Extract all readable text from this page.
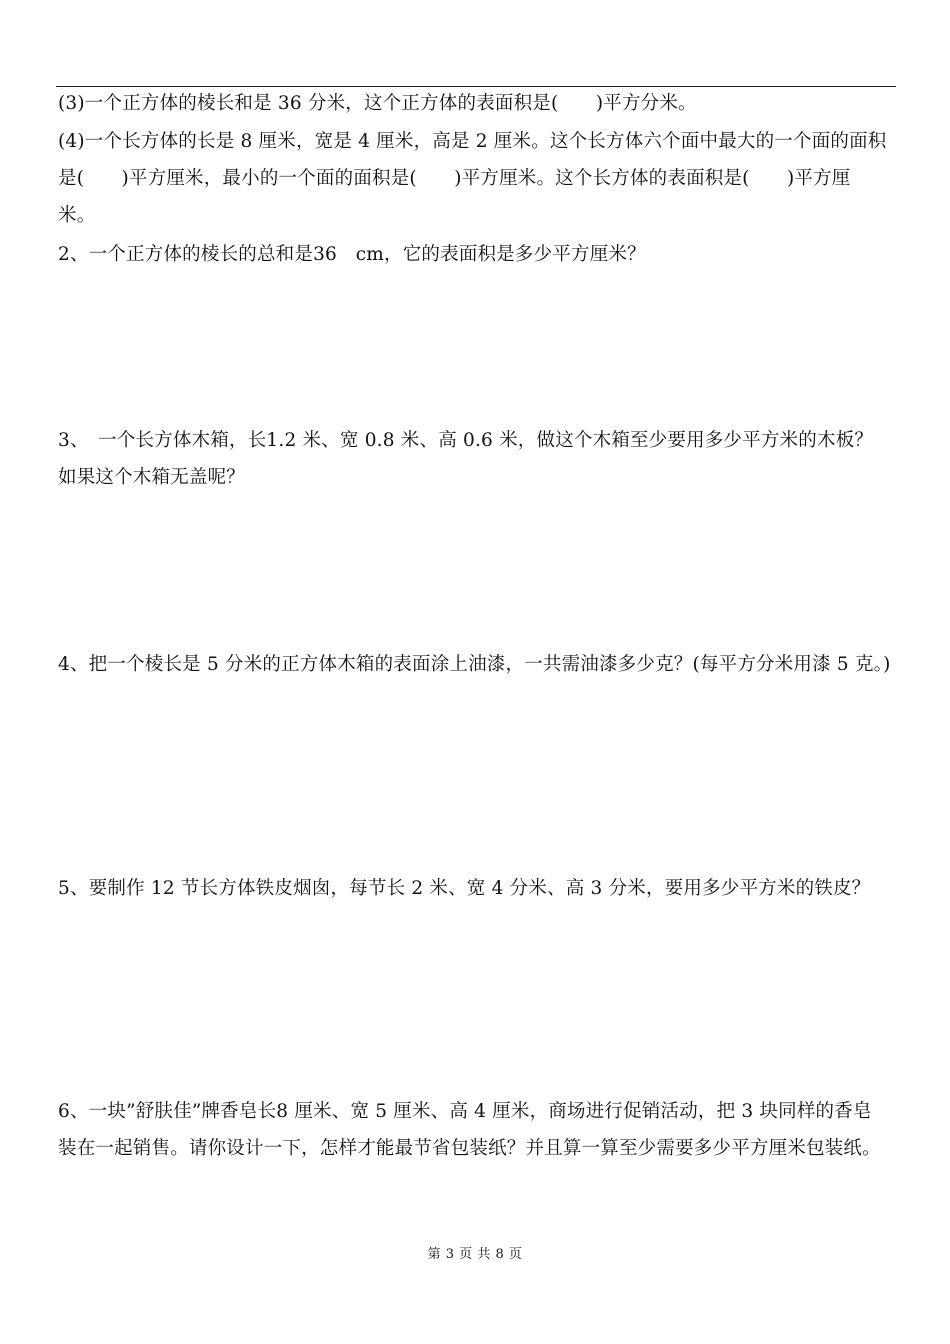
(3)一个正方体的棱长和是 36 分米，这个正方体的表面积是(　　)平方分米。
(4)一个长方体的长是 8 厘米，宽是 4 厘米，高是 2 厘米。这个长方体六个面中最大的一个面的面积
是(　　)平方厘米，最小的一个面的面积是(　　)平方厘米。这个长方体的表面积是(　　)平方厘
米。
2、一个正方体的棱长的总和是36　cm，它的表面积是多少平方厘米？
3、　一个长方体木箱，长1.2 米、宽 0.8 米、高 0.6 米，做这个木箱至少要用多少平方米的木板？
如果这个木箱无盖呢？
4、把一个棱长是 5 分米的正方体木箱的表面涂上油漆，一共需油漆多少克？(每平方分米用漆 5 克。)
5、要制作 12 节长方体铁皮烟囱，每节长 2 米、宽 4 分米、高 3 分米，要用多少平方米的铁皮？
6、一块”舒肤佳”牌香皂长8 厘米、宽 5 厘米、高 4 厘米，商场进行促销活动，把 3 块同样的香皂
装在一起销售。请你设计一下，怎样才能最节省包装纸？并且算一算至少需要多少平方厘米包装纸。
第 3 页 共 8 页
